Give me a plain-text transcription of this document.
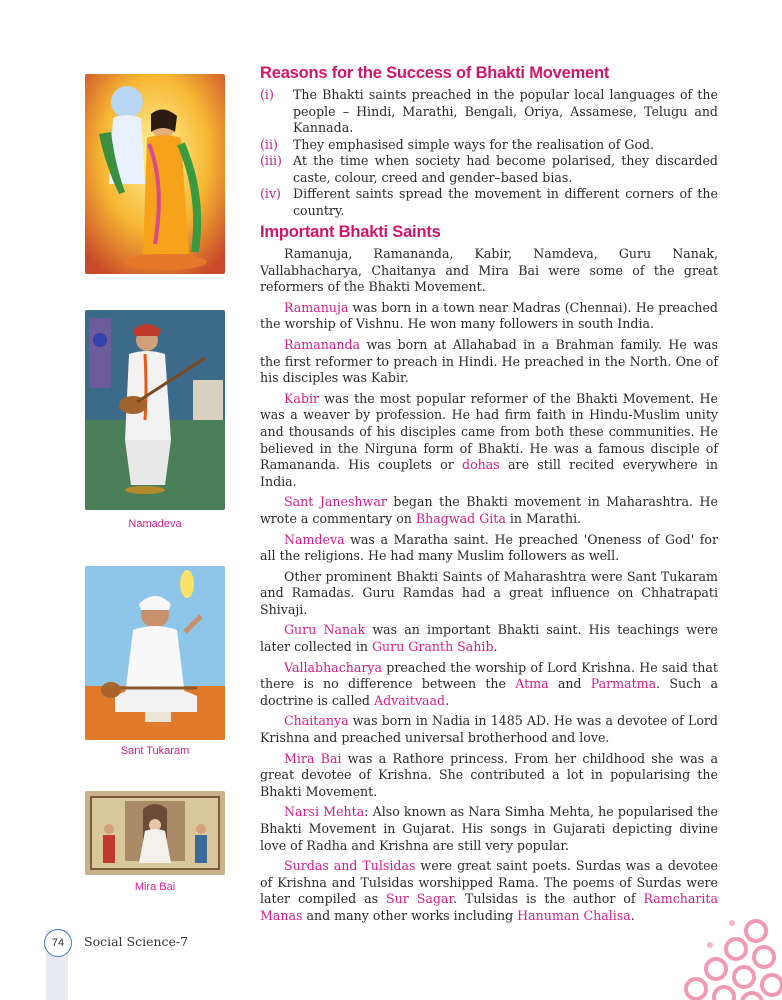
Namadeva
Sant Tukaram
Mira Bai
Reasons for the Success of Bhakti Movement
(i) The Bhakti saints preached in the popular local languages of the people – Hindi, Marathi, Bengali, Oriya, Assamese, Telugu and Kannada.
(ii) They emphasised simple ways for the realisation of God.
(iii) At the time when society had become polarised, they discarded caste, colour, creed and gender–based bias.
(iv) Different saints spread the movement in different corners of the country.
Important Bhakti Saints

Ramanuja, Ramananda, Kabir, Namdeva, Guru Nanak, Vallabhacharya, Chaitanya and Mira Bai were some of the great reformers of the Bhakti Movement.

Ramanuja was born in a town near Madras (Chennai). He preached the worship of Vishnu. He won many followers in south India.

Ramananda was born at Allahabad in a Brahman family. He was the first reformer to preach in Hindi. He preached in the North. One of his disciples was Kabir.

Kabir was the most popular reformer of the Bhakti Movement. He was a weaver by profession. He had firm faith in Hindu-Muslim unity and thousands of his disciples came from both these communities. He believed in the Nirguna form of Bhakti. He was a famous disciple of Ramananda. His couplets or dohas are still recited everywhere in India.

Sant Janeshwar began the Bhakti movement in Maharashtra. He wrote a commentary on Bhagwad Gita in Marathi.

Namdeva was a Maratha saint. He preached 'Oneness of God' for all the religions. He had many Muslim followers as well.

Other prominent Bhakti Saints of Maharashtra were Sant Tukaram and Ramadas. Guru Ramdas had a great influence on Chhatrapati Shivaji.

Guru Nanak was an important Bhakti saint. His teachings were later collected in Guru Granth Sahib.

Vallabhacharya preached the worship of Lord Krishna. He said that there is no difference between the Atma and Parmatma. Such a doctrine is called Advaitvaad.

Chaitanya was born in Nadia in 1485 AD. He was a devotee of Lord Krishna and preached universal brotherhood and love.

Mira Bai was a Rathore princess. From her childhood she was a great devotee of Krishna. She contributed a lot in popularising the Bhakti Movement.

Narsi Mehta: Also known as Nara Simha Mehta, he popularised the Bhakti Movement in Gujarat. His songs in Gujarati depicting divine love of Radha and Krishna are still very popular.

Surdas and Tulsidas were great saint poets. Surdas was a devotee of Krishna and Tulsidas worshipped Rama. The poems of Surdas were later compiled as Sur Sagar. Tulsidas is the author of Ramcharita Manas and many other works including Hanuman Chalisa.

74	Social Science-7
